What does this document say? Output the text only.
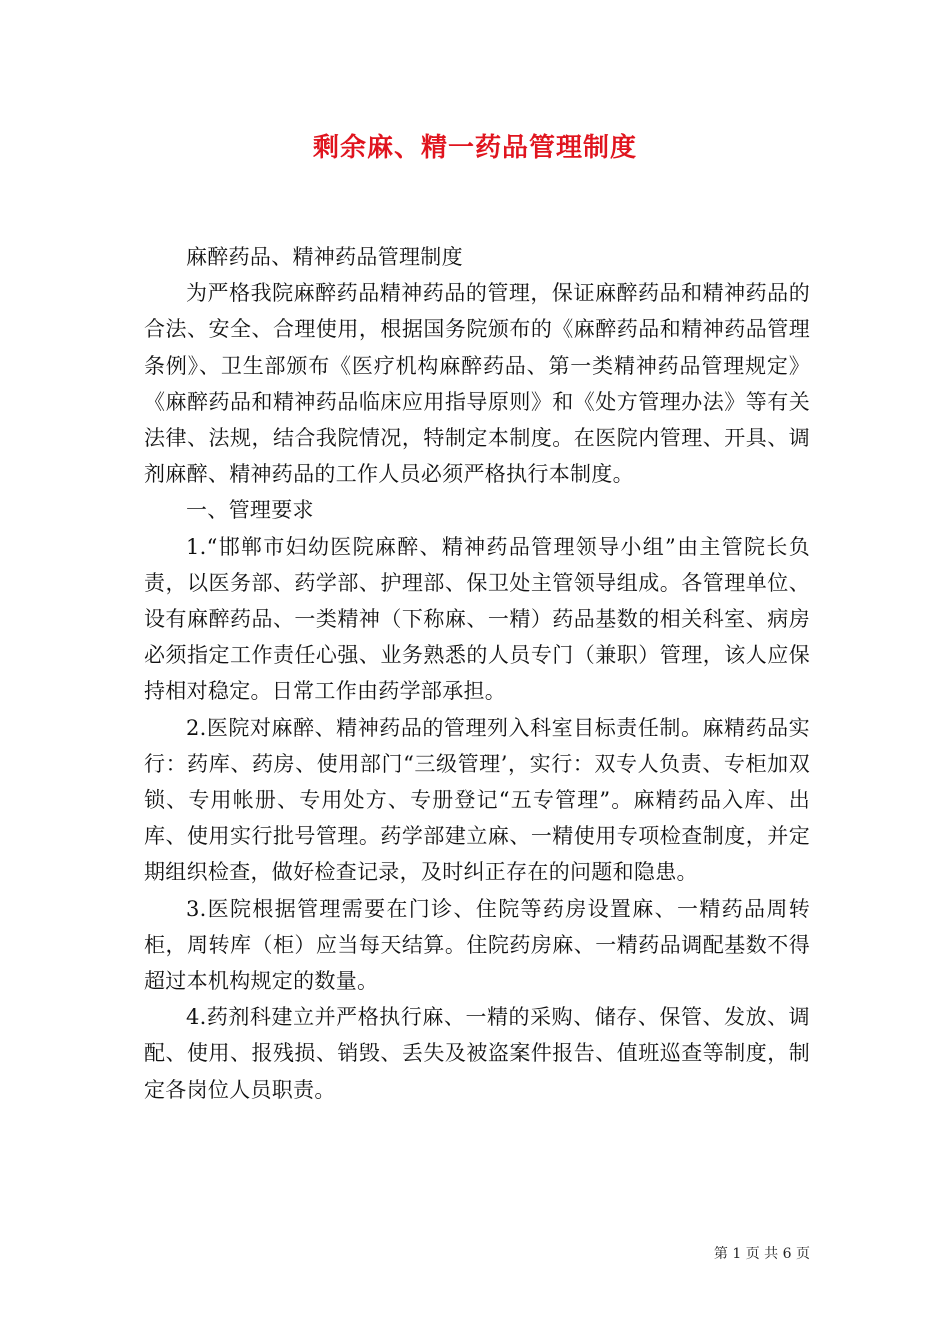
剩余麻、精一药品管理制度

麻醉药品、精神药品管理制度

为严格我院麻醉药品精神药品的管理，保证麻醉药品和精神药品的合法、安全、合理使用，根据国务院颁布的《麻醉药品和精神药品管理条例》、卫生部颁布《医疗机构麻醉药品、第一类精神药品管理规定》《麻醉药品和精神药品临床应用指导原则》和《处方管理办法》等有关法律、法规，结合我院情况，特制定本制度。在医院内管理、开具、调剂麻醉、精神药品的工作人员必须严格执行本制度。

一、管理要求

1.“邯郸市妇幼医院麻醉、精神药品管理领导小组”由主管院长负责，以医务部、药学部、护理部、保卫处主管领导组成。各管理单位、设有麻醉药品、一类精神（下称麻、一精）药品基数的相关科室、病房必须指定工作责任心强、业务熟悉的人员专门（兼职）管理，该人应保持相对稳定。日常工作由药学部承担。

2.医院对麻醉、精神药品的管理列入科室目标责任制。麻精药品实行：药库、药房、使用部门“三级管理’，实行：双专人负责、专柜加双锁、专用帐册、专用处方、专册登记“五专管理”。麻精药品入库、出库、使用实行批号管理。药学部建立麻、一精使用专项检查制度，并定期组织检查，做好检查记录，及时纠正存在的问题和隐患。

3.医院根据管理需要在门诊、住院等药房设置麻、一精药品周转柜，周转库（柜）应当每天结算。住院药房麻、一精药品调配基数不得超过本机构规定的数量。

4.药剂科建立并严格执行麻、一精的采购、储存、保管、发放、调配、使用、报残损、销毁、丢失及被盗案件报告、值班巡查等制度，制定各岗位人员职责。

第 1 页 共 6 页
